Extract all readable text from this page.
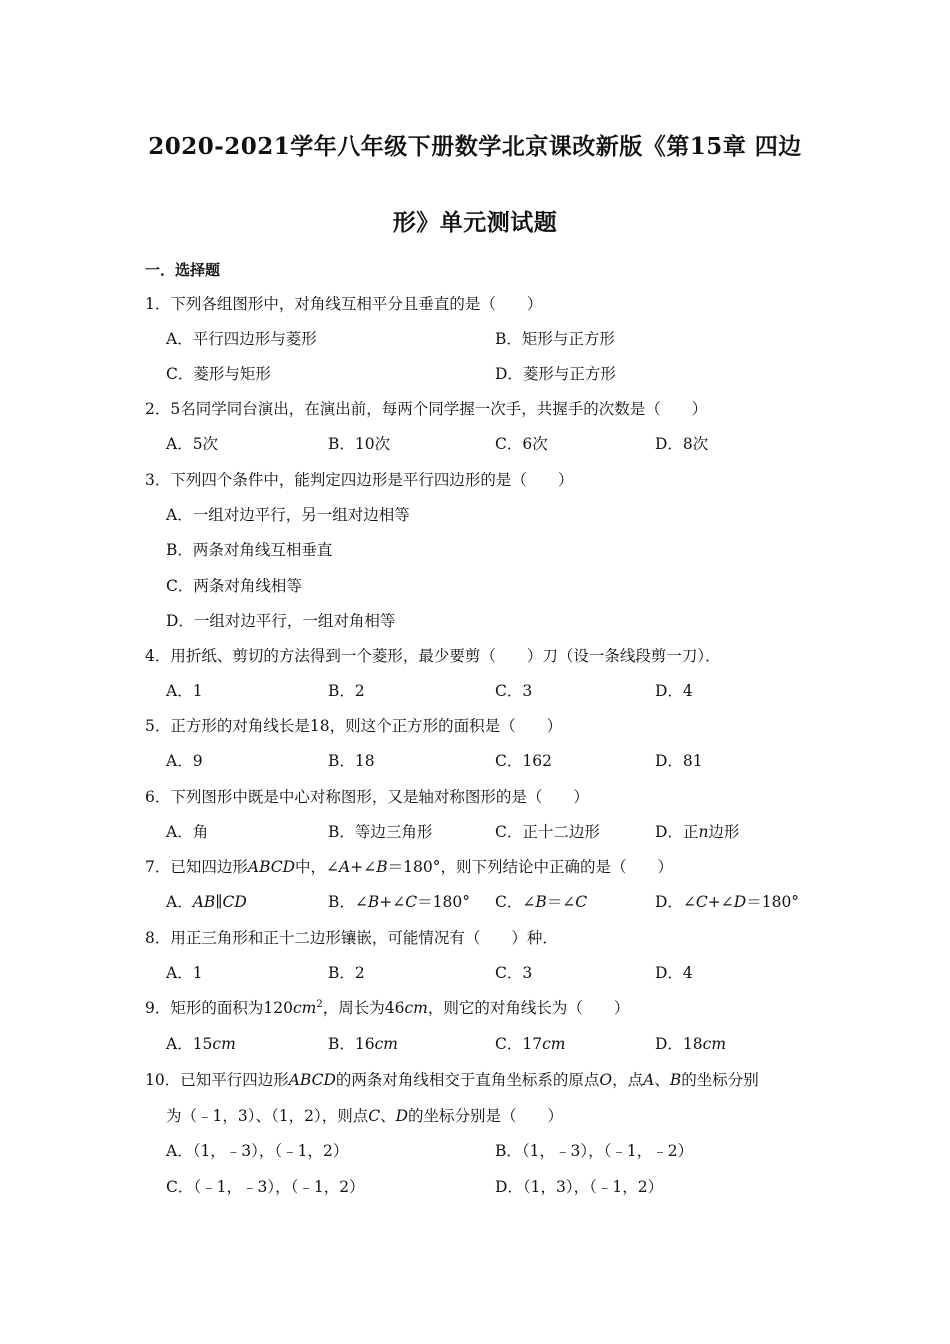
2020-2021学年八年级下册数学北京课改新版《第15章 四边
形》单元测试题
一．选择题
1．下列各组图形中，对角线互相平分且垂直的是（　　）
A．平行四边形与菱形	B．矩形与正方形
C．菱形与矩形	D．菱形与正方形
2．5名同学同台演出，在演出前，每两个同学握一次手，共握手的次数是（　　）
A．5次	B．10次	C．6次	D．8次
3．下列四个条件中，能判定四边形是平行四边形的是（　　）
A．一组对边平行，另一组对边相等
B．两条对角线互相垂直
C．两条对角线相等
D．一组对边平行，一组对角相等
4．用折纸、剪切的方法得到一个菱形，最少要剪（　　）刀（设一条线段剪一刀）．
A．1	B．2	C．3	D．4
5．正方形的对角线长是18，则这个正方形的面积是（　　）
A．9	B．18	C．162	D．81
6．下列图形中既是中心对称图形，又是轴对称图形的是（　　）
A．角	B．等边三角形	C．正十二边形	D．正n边形
7．已知四边形ABCD中，∠A+∠B＝180°，则下列结论中正确的是（　　）
A．AB∥CD	B．∠B+∠C＝180° C．∠B＝∠C	D．∠C+∠D＝180°
8．用正三角形和正十二边形镶嵌，可能情况有（　　）种．
A．1	B．2	C．3	D．4
9．矩形的面积为$120cm^2$，周长为46cm，则它的对角线长为（　　）
A．15cm	B．16cm	C．17cm	D．18cm
10．已知平行四边形ABCD的两条对角线相交于直角坐标系的原点O，点A、B的坐标分别
为（﹣1，3）、（1，2），则点C、D的坐标分别是（　　）
A．（1，﹣3），（﹣1，2）	B．（1，﹣3），（﹣1，﹣2）
C．（﹣1，﹣3），（﹣1，2）	D．（1，3），（﹣1，2）
